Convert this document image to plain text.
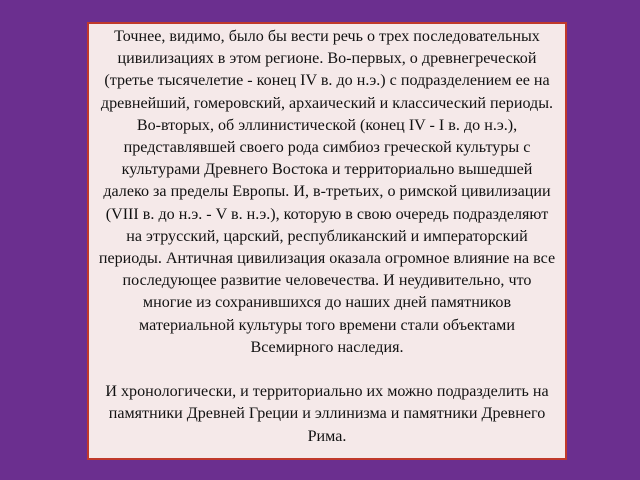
Точнее, видимо, было бы вести речь о трех последовательных цивилизациях в этом регионе. Во-первых, о древнегреческой (третье тысячелетие - конец IV в. до н.э.) с подразделением ее на древнейший, гомеровский, архаический и классический периоды. Во-вторых, об эллинистической (конец IV - I в. до н.э.), представлявшей своего рода симбиоз греческой культуры с культурами Древнего Востока и территориально вышедшей далеко за пределы Европы. И, в-третьих, о римской цивилизации (VIII в. до н.э. - V в. н.э.), которую в свою очередь подразделяют на этрусский, царский, республиканский и императорский периоды. Античная цивилизация оказала огромное влияние на все последующее развитие человечества. И неудивительно, что многие из сохранившихся до наших дней памятников материальной культуры того времени стали объектами Всемирного наследия.

И хронологически, и территориально их можно подразделить на памятники Древней Греции и эллинизма и памятники Древнего Рима.
